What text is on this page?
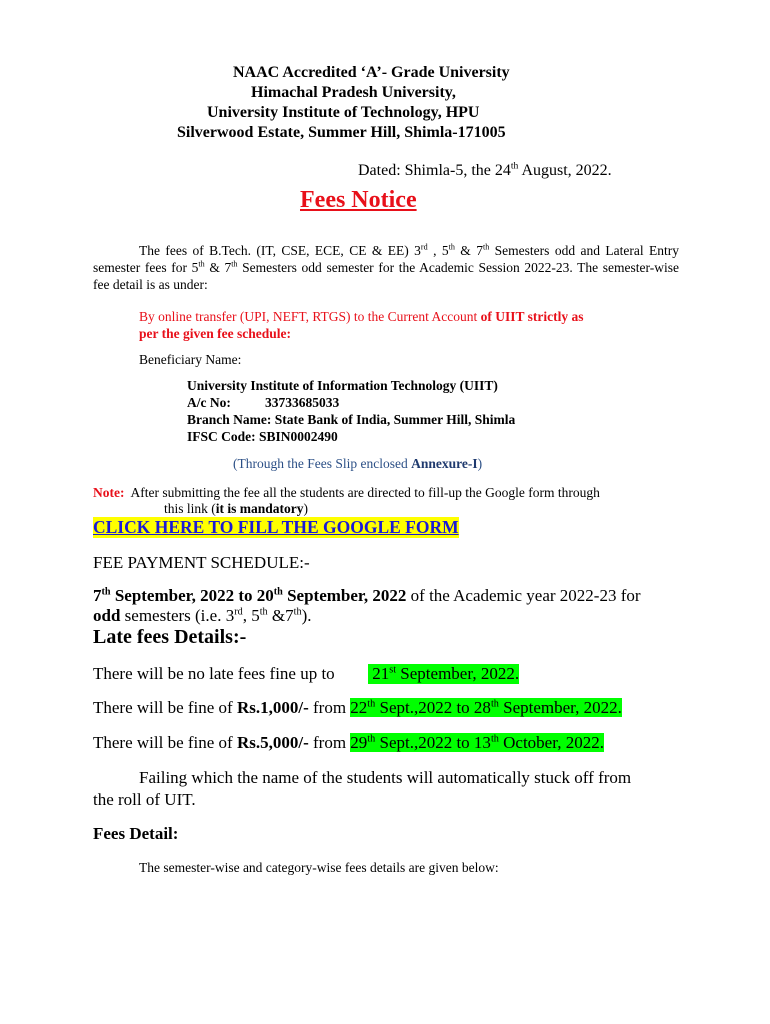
NAAC Accredited ‘A’- Grade University
Himachal Pradesh University,
University Institute of Technology, HPU
Silverwood Estate, Summer Hill, Shimla-171005
Dated: Shimla-5, the 24th August, 2022.
Fees Notice
The fees of B.Tech. (IT, CSE, ECE, CE & EE) 3rd , 5th & 7th Semesters odd and Lateral Entry semester fees for 5th & 7th Semesters odd semester for the Academic Session 2022-23. The semester-wise fee detail is as under:
By online transfer (UPI, NEFT, RTGS) to the Current Account of UIIT strictly as
per the given fee schedule:
Beneficiary Name:
University Institute of Information Technology (UIIT)
A/c No:	33733685033
Branch Name: State Bank of India, Summer Hill, Shimla
IFSC Code: SBIN0002490
(Through the Fees Slip enclosed Annexure-I)
Note: After submitting the fee all the students are directed to fill-up the Google form through
this link (it is mandatory)
CLICK HERE TO FILL THE GOOGLE FORM
FEE PAYMENT SCHEDULE:-
7th September, 2022 to 20th September, 2022 of the Academic year 2022-23 for
odd semesters (i.e. 3rd, 5th &7th).
Late fees Details:-
There will be no late fees fine up to 21st September, 2022.
There will be fine of Rs.1,000/- from 22th Sept.,2022 to 28th September, 2022.
There will be fine of Rs.5,000/- from 29th Sept.,2022 to 13th October, 2022.
Failing which the name of the students will automatically stuck off from
the roll of UIT.
Fees Detail:
The semester-wise and category-wise fees details are given below:
